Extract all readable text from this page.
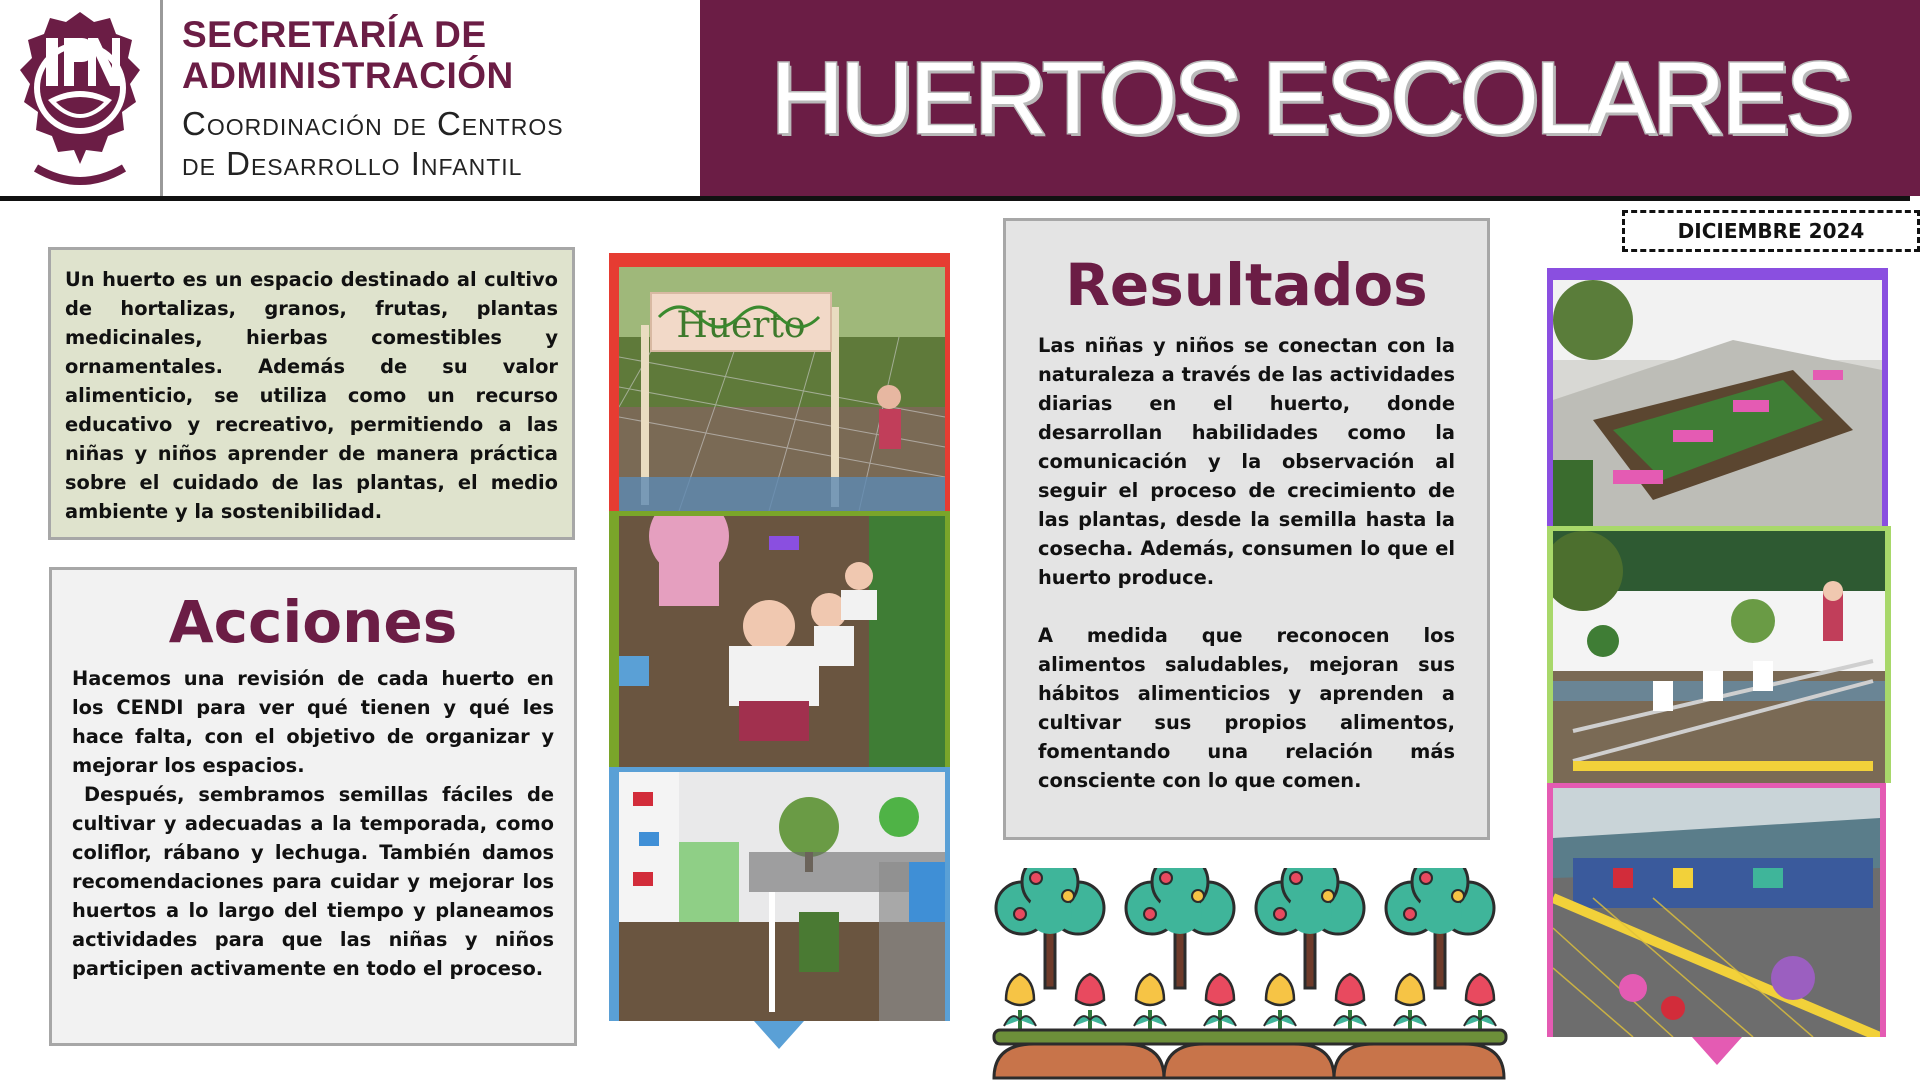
SECRETARÍA DE
ADMINISTRACIÓN
Coordinación de Centros
de Desarrollo Infantil
HUERTOS ESCOLARES
DICIEMBRE 2024

Un huerto es un espacio destinado al cultivo de hortalizas, granos, frutas, plantas medicinales, hierbas comestibles y ornamentales. Además de su valor alimenticio, se utiliza como un recurso educativo y recreativo, permitiendo a las niñas y niños aprender de manera práctica sobre el cuidado de las plantas, el medio ambiente y la sostenibilidad.

Acciones

Hacemos una revisión de cada huerto en los CENDI para ver qué tienen y qué les hace falta, con el objetivo de organizar y mejorar los espacios.

Después, sembramos semillas fáciles de cultivar y adecuadas a la temporada, como coliflor, rábano y lechuga. También damos recomendaciones para cuidar y mejorar los huertos a lo largo del tiempo y planeamos actividades para que las niñas y niños participen activamente en todo el proceso.

Huerto
Resultados

Las niñas y niños se conectan con la naturaleza a través de las actividades diarias en el huerto, donde desarrollan habilidades como la comunicación y la observación al seguir el proceso de crecimiento de las plantas, desde la semilla hasta la cosecha. Además, consumen lo que el huerto produce.

A medida que reconocen los alimentos saludables, mejoran sus hábitos alimenticios y aprenden a cultivar sus propios alimentos, fomentando una relación más consciente con lo que comen.
